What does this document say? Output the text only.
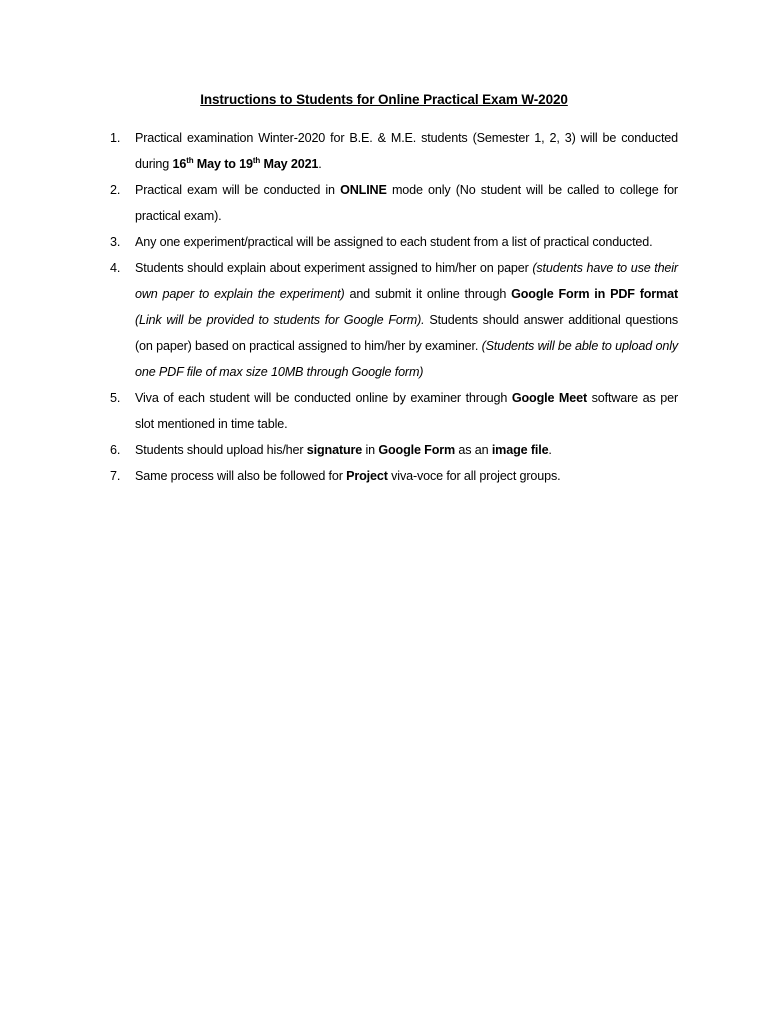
Instructions to Students for Online Practical Exam W-2020
1. Practical examination Winter-2020 for B.E. & M.E. students (Semester 1, 2, 3) will be conducted during 16th May to 19th May 2021.
2. Practical exam will be conducted in ONLINE mode only (No student will be called to college for practical exam).
3. Any one experiment/practical will be assigned to each student from a list of practical conducted.
4. Students should explain about experiment assigned to him/her on paper (students have to use their own paper to explain the experiment) and submit it online through Google Form in PDF format (Link will be provided to students for Google Form). Students should answer additional questions (on paper) based on practical assigned to him/her by examiner. (Students will be able to upload only one PDF file of max size 10MB through Google form)
5. Viva of each student will be conducted online by examiner through Google Meet software as per slot mentioned in time table.
6. Students should upload his/her signature in Google Form as an image file.
7. Same process will also be followed for Project viva-voce for all project groups.
